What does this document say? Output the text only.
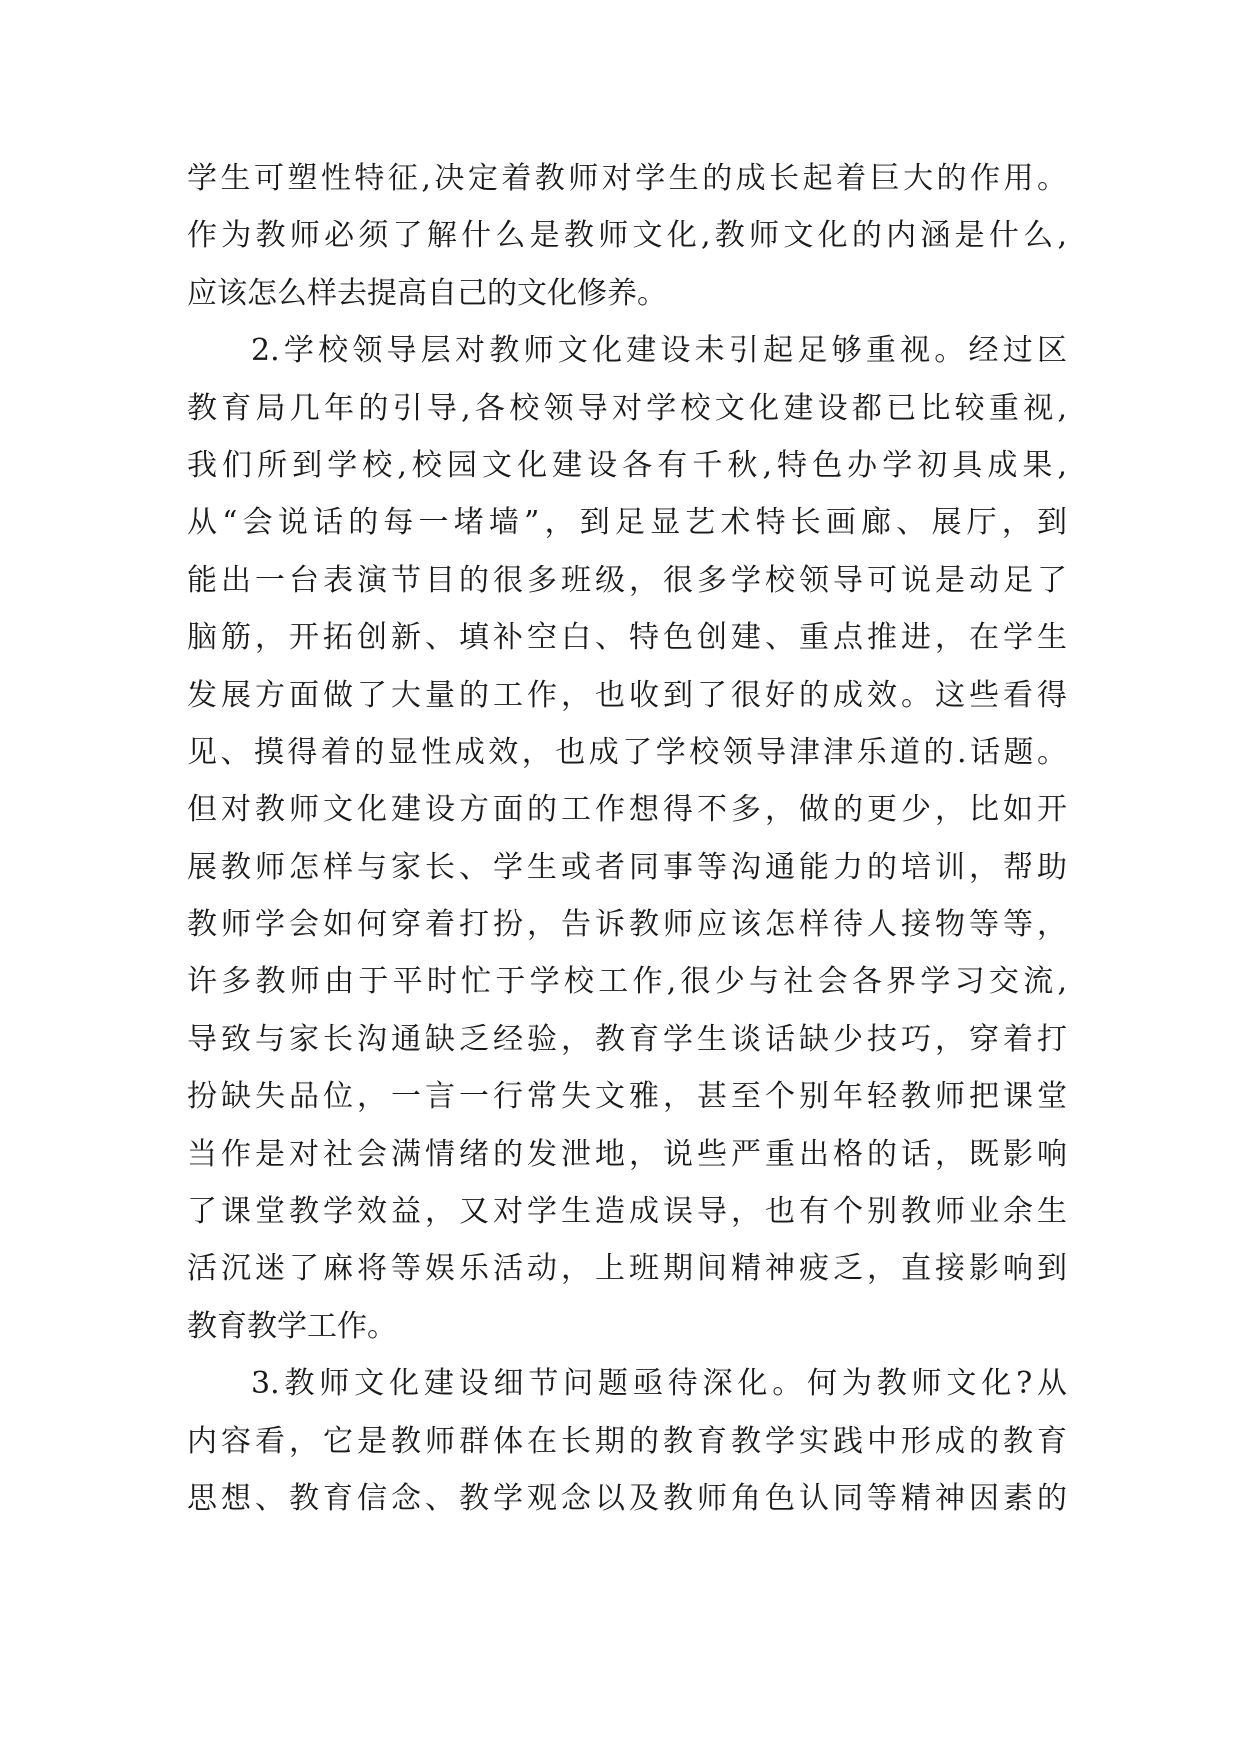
学生可塑性特征,决定着教师对学生的成长起着巨大的作用。
作为教师必须了解什么是教师文化,教师文化的内涵是什么,
应该怎么样去提高自己的文化修养。
2.学校领导层对教师文化建设未引起足够重视。经过区
教育局几年的引导,各校领导对学校文化建设都已比较重视,
我们所到学校,校园文化建设各有千秋,特色办学初具成果,
从“会说话的每一堵墙”，到足显艺术特长画廊、展厅，到
能出一台表演节目的很多班级，很多学校领导可说是动足了
脑筋，开拓创新、填补空白、特色创建、重点推进，在学生
发展方面做了大量的工作，也收到了很好的成效。这些看得
见、摸得着的显性成效，也成了学校领导津津乐道的.话题。
但对教师文化建设方面的工作想得不多，做的更少，比如开
展教师怎样与家长、学生或者同事等沟通能力的培训，帮助
教师学会如何穿着打扮，告诉教师应该怎样待人接物等等，
许多教师由于平时忙于学校工作,很少与社会各界学习交流,
导致与家长沟通缺乏经验，教育学生谈话缺少技巧，穿着打
扮缺失品位，一言一行常失文雅，甚至个别年轻教师把课堂
当作是对社会满情绪的发泄地，说些严重出格的话，既影响
了课堂教学效益，又对学生造成误导，也有个别教师业余生
活沉迷了麻将等娱乐活动，上班期间精神疲乏，直接影响到
教育教学工作。
3.教师文化建设细节问题亟待深化。何为教师文化?从
内容看，它是教师群体在长期的教育教学实践中形成的教育
思想、教育信念、教学观念以及教师角色认同等精神因素的
